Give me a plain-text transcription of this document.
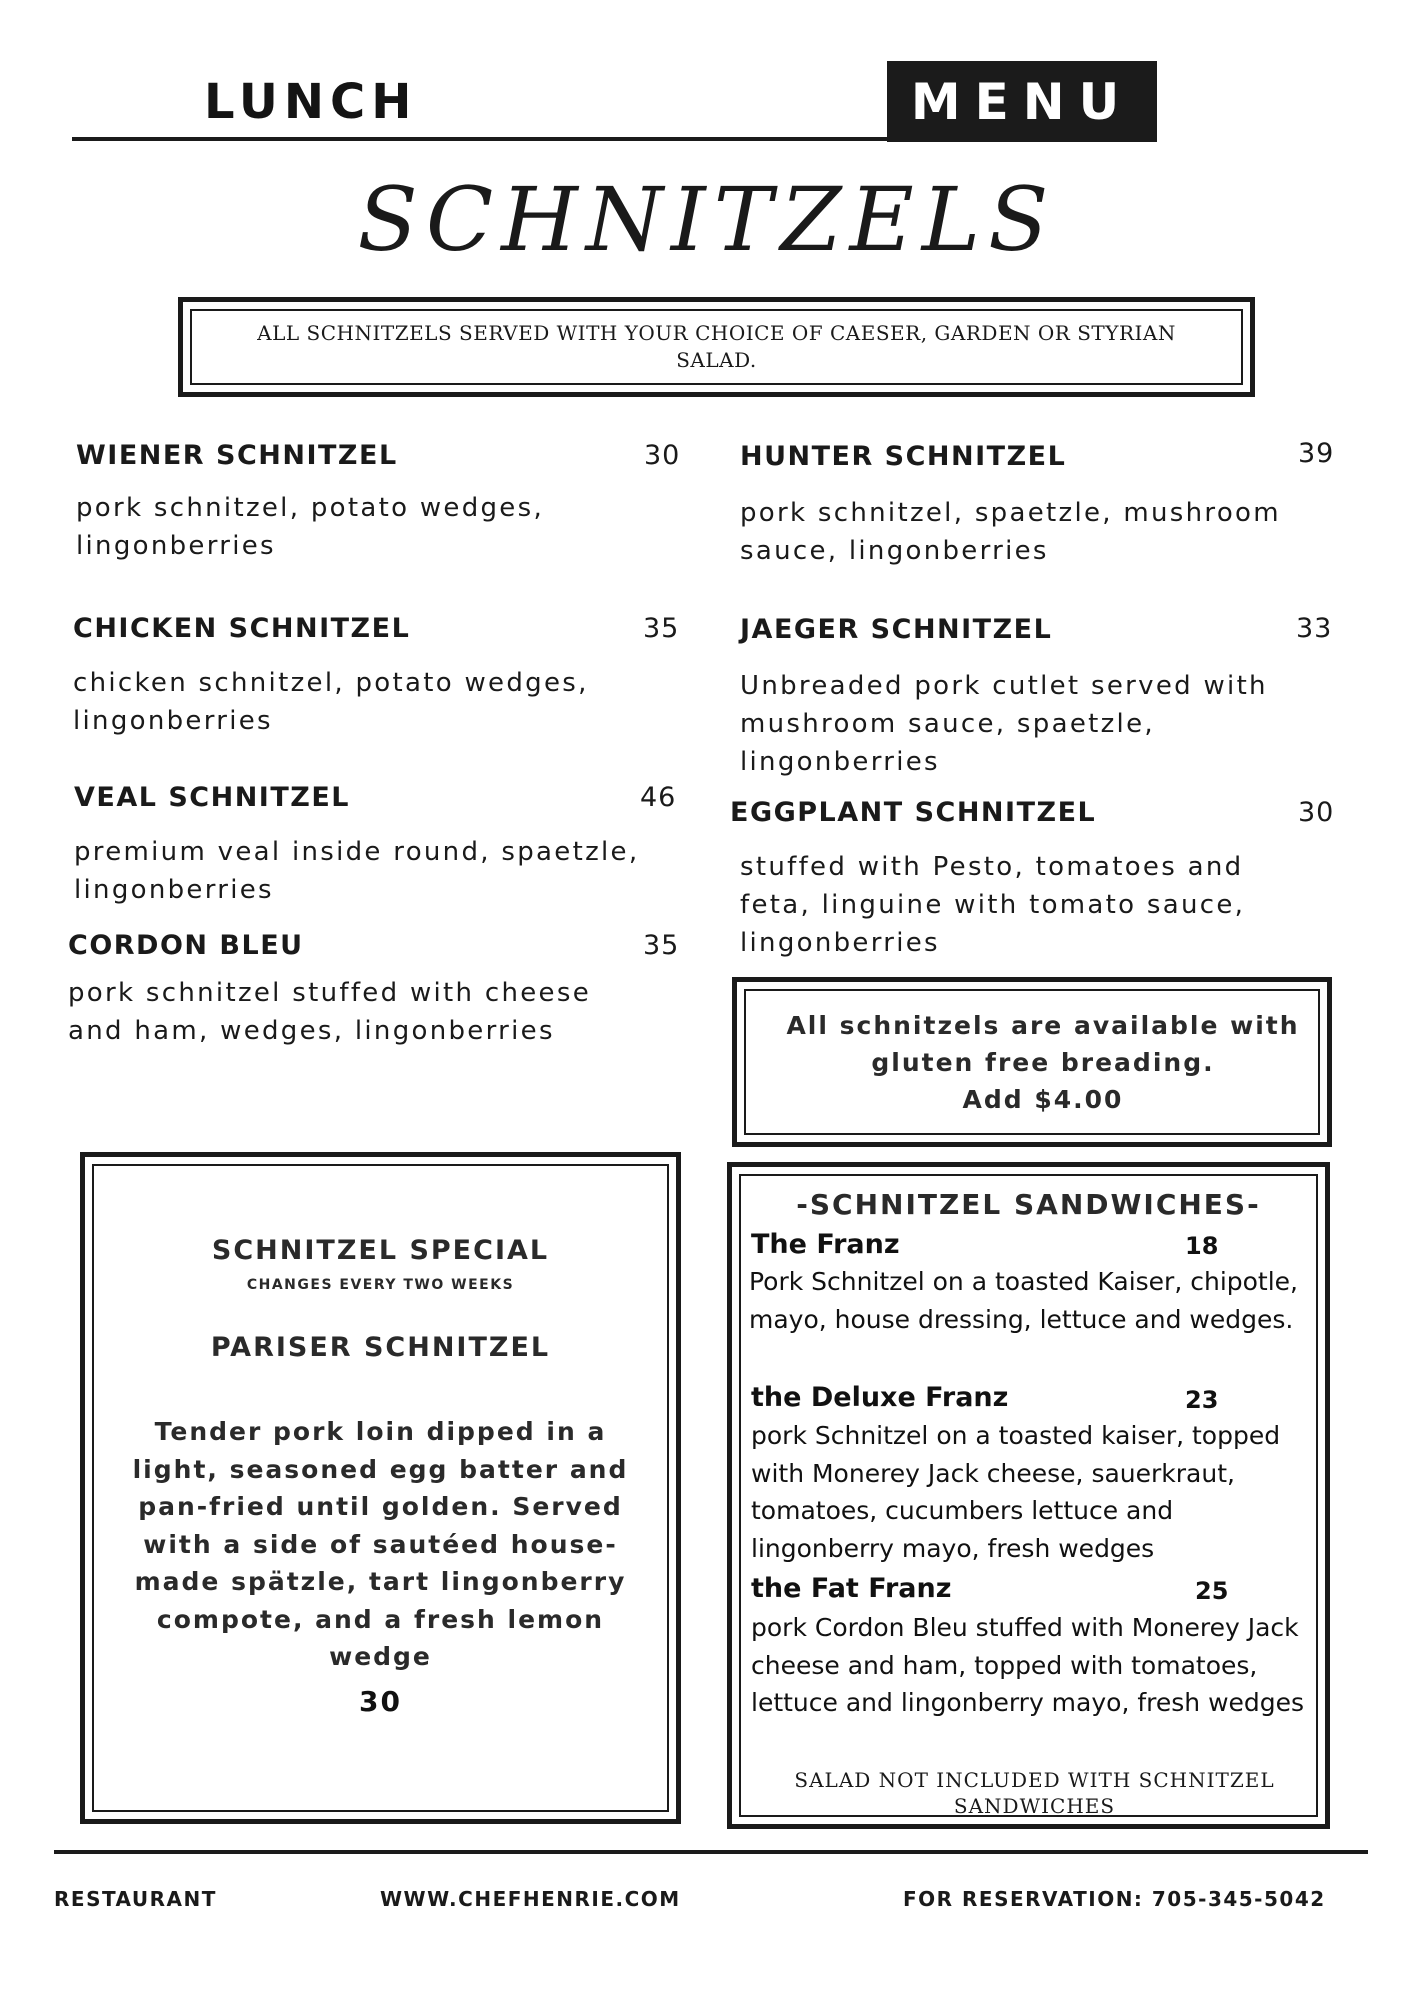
LUNCH	MENU
SCHNITZELS
ALL SCHNITZELS SERVED WITH YOUR CHOICE OF CAESER, GARDEN OR STYRIAN SALAD.
WIENER SCHNITZEL	30
pork schnitzel, potato wedges, lingonberries
CHICKEN SCHNITZEL	35
chicken schnitzel, potato wedges, lingonberries
VEAL SCHNITZEL	46
premium veal inside round, spaetzle, lingonberries
CORDON BLEU	35
pork schnitzel stuffed with cheese and ham, wedges, lingonberries
HUNTER SCHNITZEL	39
pork schnitzel, spaetzle, mushroom sauce, lingonberries
JAEGER SCHNITZEL	33
Unbreaded pork cutlet served with mushroom sauce, spaetzle, lingonberries
EGGPLANT SCHNITZEL	30
stuffed with Pesto, tomatoes and feta, linguine with tomato sauce, lingonberries
All schnitzels are available with gluten free breading.
Add $4.00
SCHNITZEL SPECIAL
CHANGES EVERY TWO WEEKS
PARISER SCHNITZEL
Tender pork loin dipped in a light, seasoned egg batter and pan-fried until golden. Served with a side of sautéed house-made spätzle, tart lingonberry compote, and a fresh lemon wedge
30
-SCHNITZEL SANDWICHES-
The Franz	18
Pork Schnitzel on a toasted Kaiser, chipotle, mayo, house dressing, lettuce and wedges.
the Deluxe Franz	23
pork Schnitzel on a toasted kaiser, topped with Monerey Jack cheese, sauerkraut, tomatoes, cucumbers lettuce and lingonberry mayo, fresh wedges
the Fat Franz	25
pork Cordon Bleu stuffed with Monerey Jack cheese and ham, topped with tomatoes, lettuce and lingonberry mayo, fresh wedges
SALAD NOT INCLUDED WITH SCHNITZEL SANDWICHES
RESTAURANT	WWW.CHEFHENRIE.COM	FOR RESERVATION: 705-345-5042
